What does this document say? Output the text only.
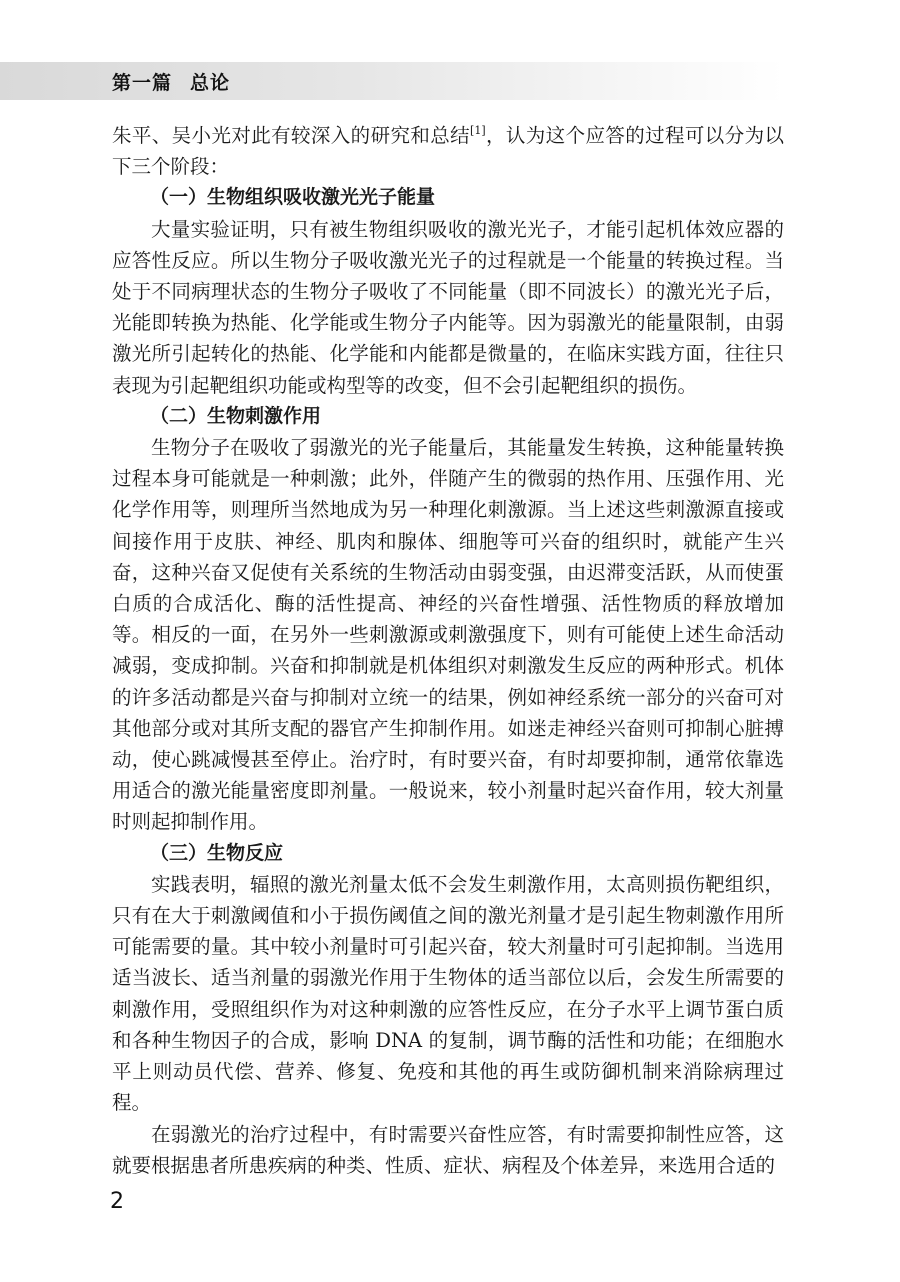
第一篇 总论

朱平、吴小光对此有较深入的研究和总结[1]，认为这个应答的过程可以分为以下三个阶段：

（一）生物组织吸收激光光子能量

大量实验证明，只有被生物组织吸收的激光光子，才能引起机体效应器的应答性反应。所以生物分子吸收激光光子的过程就是一个能量的转换过程。当处于不同病理状态的生物分子吸收了不同能量（即不同波长）的激光光子后，光能即转换为热能、化学能或生物分子内能等。因为弱激光的能量限制，由弱激光所引起转化的热能、化学能和内能都是微量的，在临床实践方面，往往只表现为引起靶组织功能或构型等的改变，但不会引起靶组织的损伤。

（二）生物刺激作用

生物分子在吸收了弱激光的光子能量后，其能量发生转换，这种能量转换过程本身可能就是一种刺激；此外，伴随产生的微弱的热作用、压强作用、光化学作用等，则理所当然地成为另一种理化刺激源。当上述这些刺激源直接或间接作用于皮肤、神经、肌肉和腺体、细胞等可兴奋的组织时，就能产生兴奋，这种兴奋又促使有关系统的生物活动由弱变强，由迟滞变活跃，从而使蛋白质的合成活化、酶的活性提高、神经的兴奋性增强、活性物质的释放增加等。相反的一面，在另外一些刺激源或刺激强度下，则有可能使上述生命活动减弱，变成抑制。兴奋和抑制就是机体组织对刺激发生反应的两种形式。机体的许多活动都是兴奋与抑制对立统一的结果，例如神经系统一部分的兴奋可对其他部分或对其所支配的器官产生抑制作用。如迷走神经兴奋则可抑制心脏搏动，使心跳减慢甚至停止。治疗时，有时要兴奋，有时却要抑制，通常依靠选用适合的激光能量密度即剂量。一般说来，较小剂量时起兴奋作用，较大剂量时则起抑制作用。

（三）生物反应

实践表明，辐照的激光剂量太低不会发生刺激作用，太高则损伤靶组织，只有在大于刺激阈值和小于损伤阈值之间的激光剂量才是引起生物刺激作用所可能需要的量。其中较小剂量时可引起兴奋，较大剂量时可引起抑制。当选用适当波长、适当剂量的弱激光作用于生物体的适当部位以后，会发生所需要的刺激作用，受照组织作为对这种刺激的应答性反应，在分子水平上调节蛋白质和各种生物因子的合成，影响 DNA 的复制，调节酶的活性和功能；在细胞水平上则动员代偿、营养、修复、免疫和其他的再生或防御机制来消除病理过程。

在弱激光的治疗过程中，有时需要兴奋性应答，有时需要抑制性应答，这就要根据患者所患疾病的种类、性质、症状、病程及个体差异，来选用合适的

2
